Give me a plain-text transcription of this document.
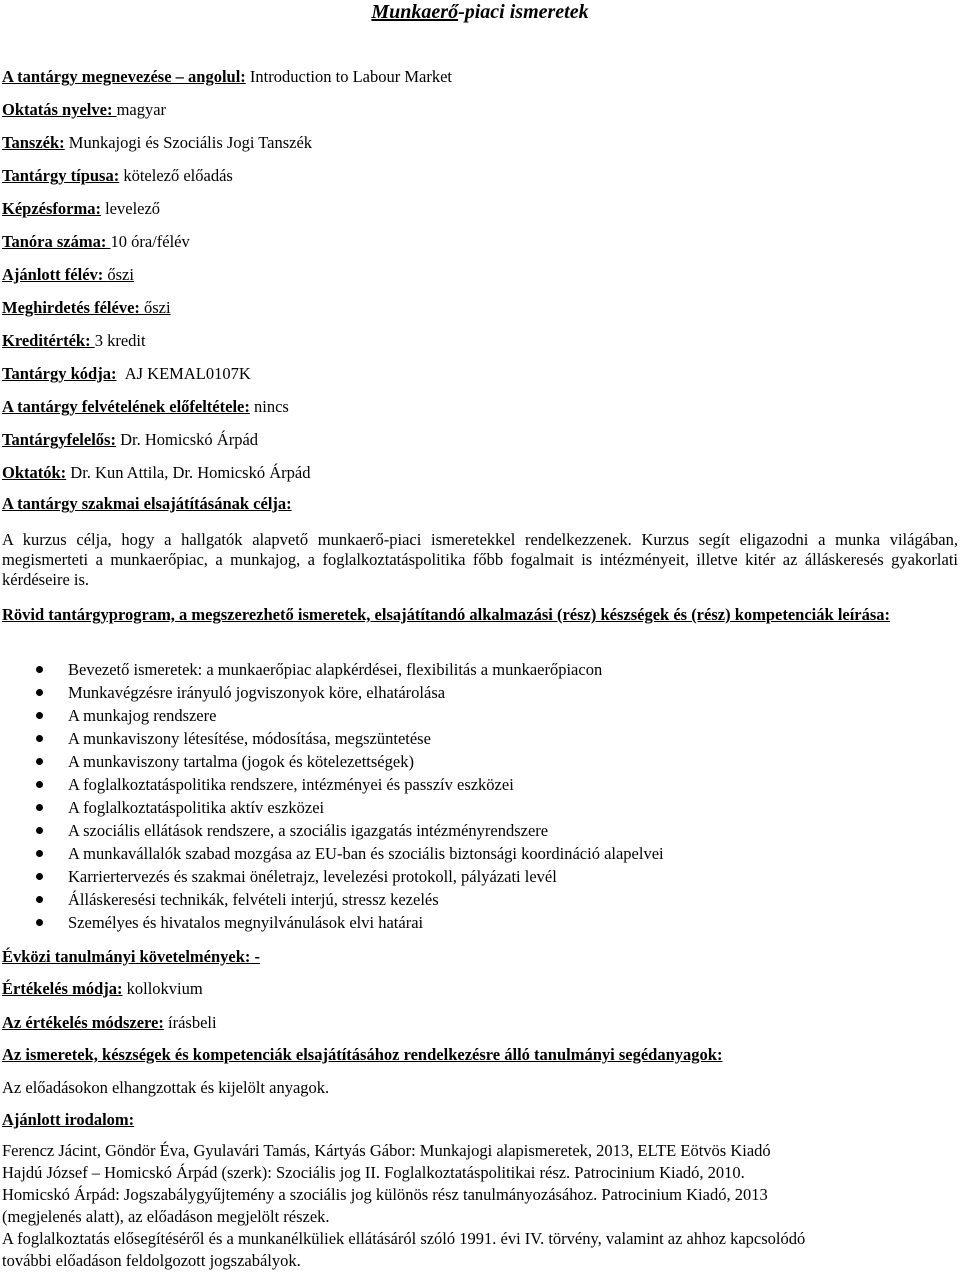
Munkaerő-piaci ismeretek
A tantárgy megnevezése – angolul: Introduction to Labour Market
Oktatás nyelve: magyar
Tanszék: Munkajogi és Szociális Jogi Tanszék
Tantárgy típusa: kötelező előadás
Képzésforma: levelező
Tanóra száma: 10 óra/félév
Ajánlott félév: őszi
Meghirdetés féléve: őszi
Kreditérték: 3 kredit
Tantárgy kódja: AJ KEMAL0107K
A tantárgy felvételének előfeltétele: nincs
Tantárgyfelelős: Dr. Homicskó Árpád
Oktatók: Dr. Kun Attila, Dr. Homicskó Árpád
A tantárgy szakmai elsajátításának célja:
A kurzus célja, hogy a hallgatók alapvető munkaerő-piaci ismeretekkel rendelkezzenek. Kurzus segít eligazodni a munka világában, megismerteti a munkaerőpiac, a munkajog, a foglalkoztatáspolitika főbb fogalmait is intézményeit, illetve kitér az álláskeresés gyakorlati kérdéseire is.
Rövid tantárgyprogram, a megszerezhető ismeretek, elsajátítandó alkalmazási (rész) készségek és (rész) kompetenciák leírása:
Bevezető ismeretek: a munkaerőpiac alapkérdései, flexibilitás a munkaerőpiacon
Munkavégzésre irányuló jogviszonyok köre, elhatárolása
A munkajog rendszere
A munkaviszony létesítése, módosítása, megszüntetése
A munkaviszony tartalma (jogok és kötelezettségek)
A foglalkoztatáspolitika rendszere, intézményei és passzív eszközei
A foglalkoztatáspolitika aktív eszközei
A szociális ellátások rendszere, a szociális igazgatás intézményrendszere
A munkavállalók szabad mozgása az EU-ban és szociális biztonsági koordináció alapelvei
Karriertervezés és szakmai önéletrajz, levelezési protokoll, pályázati levél
Álláskeresési technikák, felvételi interjú, stressz kezelés
Személyes és hivatalos megnyilvánulások elvi határai
Évközi tanulmányi követelmények: -
Értékelés módja: kollokvium
Az értékelés módszere: írásbeli
Az ismeretek, készségek és kompetenciák elsajátításához rendelkezésre álló tanulmányi segédanyagok:
Az előadásokon elhangzottak és kijelölt anyagok.
Ajánlott irodalom:
Ferencz Jácint, Göndör Éva, Gyulavári Tamás, Kártyás Gábor: Munkajogi alapismeretek, 2013, ELTE Eötvös Kiadó
Hajdú József – Homicskó Árpád (szerk): Szociális jog II. Foglalkoztatáspolitikai rész. Patrocinium Kiadó, 2010.
Homicskó Árpád: Jogszabálygyűjtemény a szociális jog különös rész tanulmányozásához. Patrocinium Kiadó, 2013
(megjelenés alatt), az előadáson megjelölt részek.
A foglalkoztatás elősegítéséről és a munkanélküliek ellátásáról szóló 1991. évi IV. törvény, valamint az ahhoz kapcsolódó
további előadáson feldolgozott jogszabályok.
